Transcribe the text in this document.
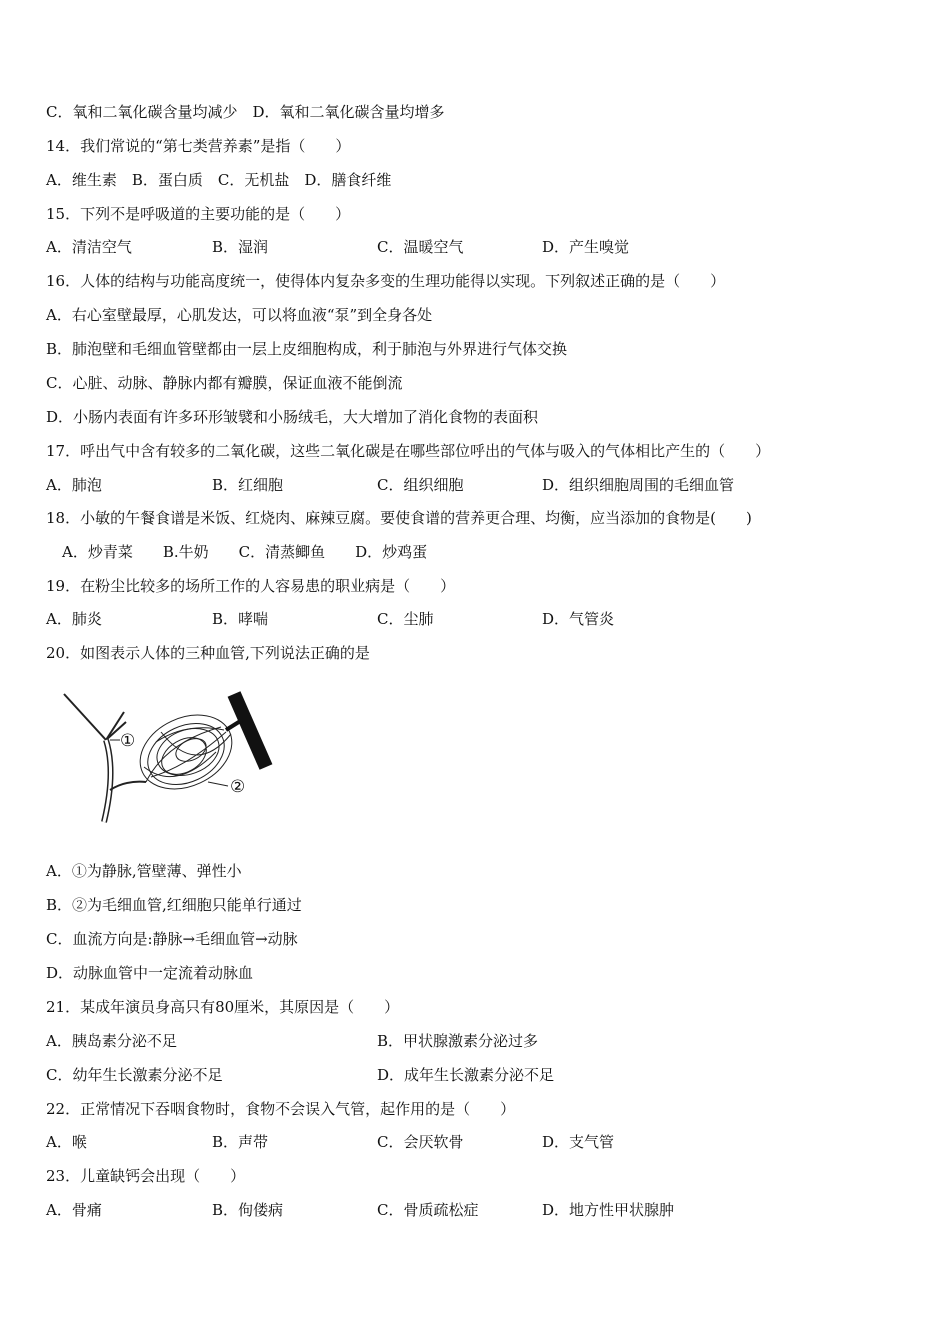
C．氧和二氧化碳含量均减少　D．氧和二氧化碳含量均增多
14．我们常说的“第七类营养素”是指（　　）
A．维生素　B．蛋白质　C．无机盐　D．膳食纤维
15．下列不是呼吸道的主要功能的是（　　）
A．清洁空气	B．湿润	C．温暖空气	D．产生嗅觉
16．人体的结构与功能高度统一，使得体内复杂多变的生理功能得以实现。下列叙述正确的是（　　）
A．右心室壁最厚，心肌发达，可以将血液“泵”到全身各处
B．肺泡壁和毛细血管壁都由一层上皮细胞构成，利于肺泡与外界进行气体交换
C．心脏、动脉、静脉内都有瓣膜，保证血液不能倒流
D．小肠内表面有许多环形皱襞和小肠绒毛，大大增加了消化食物的表面积
17．呼出气中含有较多的二氧化碳，这些二氧化碳是在哪些部位呼出的气体与吸入的气体相比产生的（　　）
A．肺泡	B．红细胞	C．组织细胞	D．组织细胞周围的毛细血管
18．小敏的午餐食谱是米饭、红烧肉、麻辣豆腐。要使食谱的营养更合理、均衡，应当添加的食物是(　　)
A．炒青菜　　B.牛奶　　C．清蒸鲫鱼　　D．炒鸡蛋
19．在粉尘比较多的场所工作的人容易患的职业病是（　　）
A．肺炎	B．哮喘	C．尘肺	D．气管炎
20．如图表示人体的三种血管,下列说法正确的是
①
②
A．①为静脉,管壁薄、弹性小
B．②为毛细血管,红细胞只能单行通过
C．血流方向是:静脉→毛细血管→动脉
D．动脉血管中一定流着动脉血
21．某成年演员身高只有80厘米，其原因是（　　）
A．胰岛素分泌不足	B．甲状腺激素分泌过多
C．幼年生长激素分泌不足	D．成年生长激素分泌不足
22．正常情况下吞咽食物时，食物不会误入气管，起作用的是（　　）
A．喉	B．声带	C．会厌软骨	D．支气管
23．儿童缺钙会出现（　　）
A．骨痛	B．佝偻病	C．骨质疏松症	D．地方性甲状腺肿
